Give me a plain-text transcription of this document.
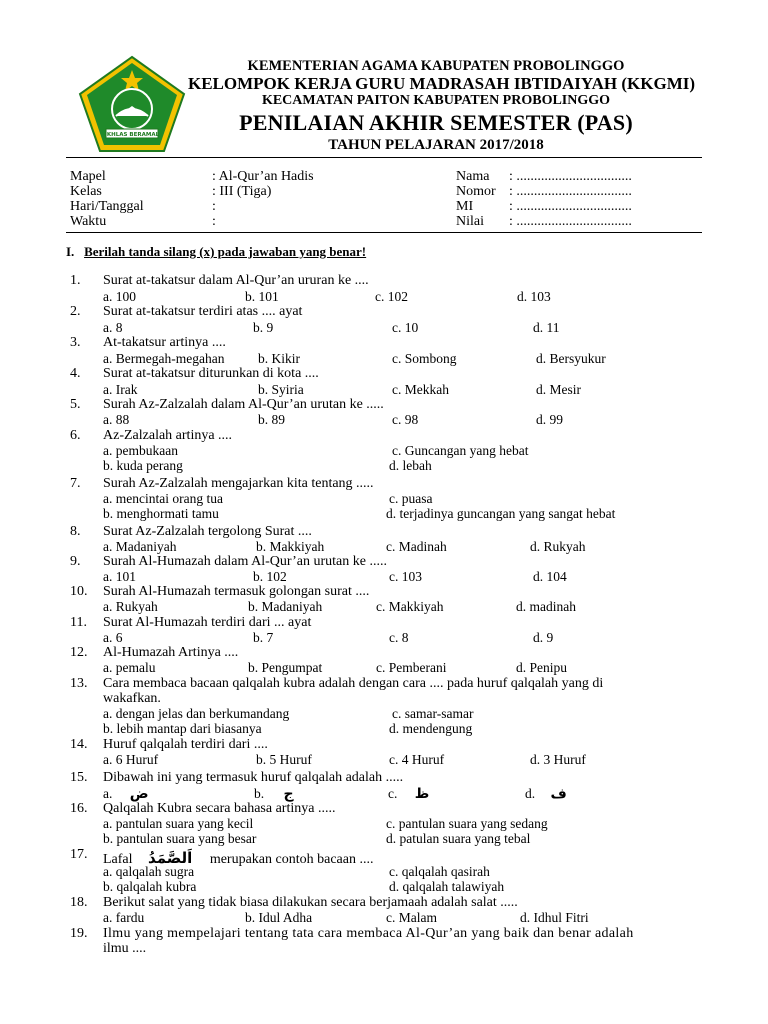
IKHLAS BERAMAL
KEMENTERIAN AGAMA KABUPATEN PROBOLINGGO
KELOMPOK KERJA GURU MADRASAH IBTIDAIYAH (KKGMI)
KECAMATAN PAITON KABUPATEN PROBOLINGGO
PENILAIAN AKHIR SEMESTER (PAS)
TAHUN PELAJARAN 2017/2018
Mapel	: Al-Qur’an Hadis
Kelas	: III (Tiga)
Hari/Tanggal	:
Waktu	:
Nama : .................................
Nomor : .................................
MI	: .................................
Nilai : .................................
I. Berilah tanda silang (x) pada jawaban yang benar!
1. Surat at-takatsur dalam Al-Qur’an ururan ke ....
a. 100	b. 101	c. 102	d. 103
2. Surat at-takatsur terdiri atas .... ayat
a. 8	b. 9	c. 10	d. 11
3. At-takatsur artinya ....
a. Bermegah-megahan b. Kikir	c. Sombong	d. Bersyukur
4. Surat at-takatsur diturunkan di kota ....
a. Irak	b. Syiria	c. Mekkah	d. Mesir
5. Surah Az-Zalzalah dalam Al-Qur’an urutan ke .....
a. 88	b. 89	c. 98	d. 99
6. Az-Zalzalah artinya ....
a. pembukaan	c. Guncangan yang hebat
b. kuda perang	d. lebah
7. Surah Az-Zalzalah mengajarkan kita tentang .....
a. mencintai orang tua	c. puasa
b. menghormati tamu	d. terjadinya guncangan yang sangat hebat
8. Surat Az-Zalzalah tergolong Surat ....
a. Madaniyah	b. Makkiyah	c. Madinah	d. Rukyah
9. Surah Al-Humazah dalam Al-Qur’an urutan ke .....
a. 101	b. 102	c. 103	d. 104
10. Surah Al-Humazah termasuk golongan surat ....
a. Rukyah	b. Madaniyah	c. Makkiyah	d. madinah
11. Surat Al-Humazah terdiri dari ... ayat
a. 6	b. 7	c. 8	d. 9
12. Al-Humazah Artinya ....
a. pemalu	b. Pengumpat	c. Pemberani	d. Penipu
13. Cara membaca bacaan qalqalah kubra adalah dengan cara .... pada huruf qalqalah yang di
wakafkan.
a. dengan jelas dan berkumandang	c. samar-samar
b. lebih mantap dari biasanya	d. mendengung
14. Huruf qalqalah terdiri dari ....
a. 6 Huruf	b. 5 Huruf	c. 4 Huruf	d. 3 Huruf
15. Dibawah ini yang termasuk huruf qalqalah adalah .....
a. ض	b. ج	c. ظ	d. ف
16. Qalqalah Kubra secara bahasa artinya .....
a. pantulan suara yang kecil	c. pantulan suara yang sedang
b. pantulan suara yang besar	d. patulan suara yang tebal
17. Lafal اَلصَّمَدُ merupakan contoh bacaan ....
a. qalqalah sugra	c. qalqalah qasirah
b. qalqalah kubra	d. qalqalah talawiyah
18. Berikut salat yang tidak biasa dilakukan secara berjamaah adalah salat .....
a. fardu	b. Idul Adha	c. Malam	d. Idhul Fitri
19. Ilmu yang mempelajari tentang tata cara membaca Al-Qur’an yang baik dan benar adalah
ilmu ....
